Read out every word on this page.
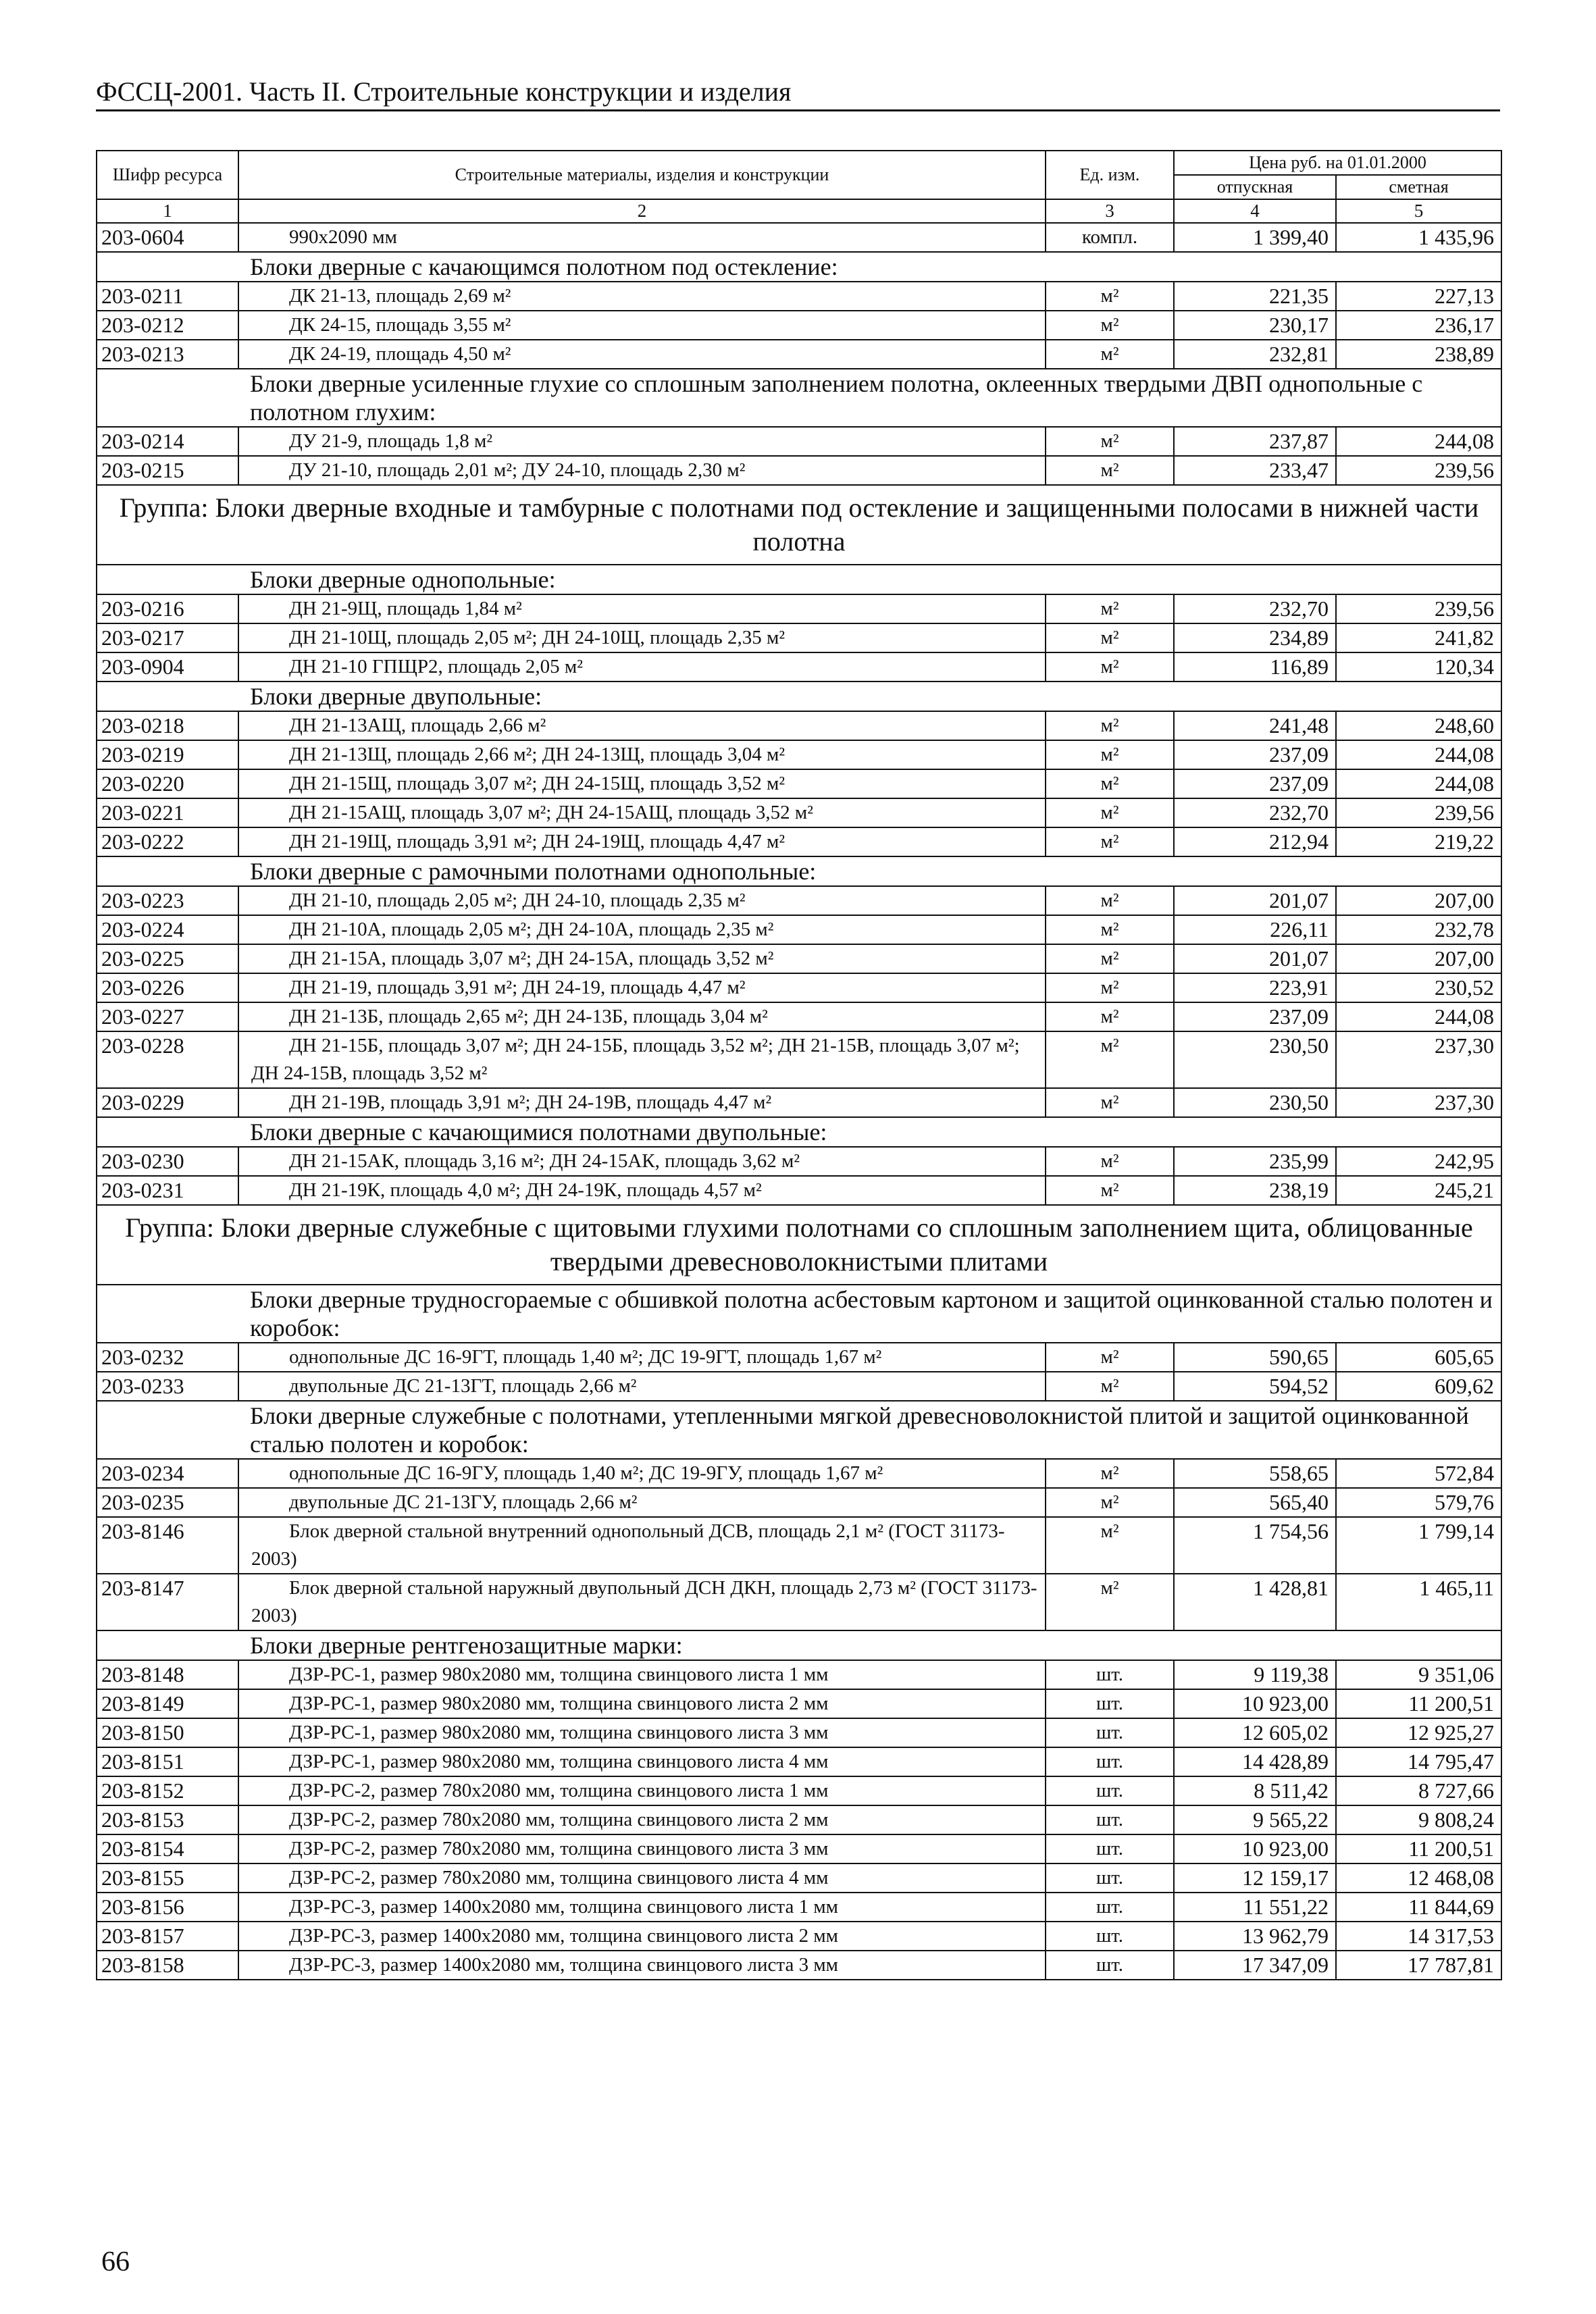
ФССЦ-2001. Часть II. Строительные конструкции и изделия
Шифр ресурса	Строительные материалы, изделия и конструкции	Ед. изм.	Цена руб. на 01.01.2000	
			отпускная	сметная
1	2	3	4	5
203-0604	990х2090 мм	компл.	1 399,40	1 435,96
Блоки дверные с качающимся полотном под остекление:				
203-0211	ДК 21-13, площадь 2,69 м²	м²	221,35	227,13
203-0212	ДК 24-15, площадь 3,55 м²	м²	230,17	236,17
203-0213	ДК 24-19, площадь 4,50 м²	м²	232,81	238,89
Блоки дверные усиленные глухие со сплошным заполнением полотна, оклеенных твердыми ДВП однопольные с полотном глухим:				
203-0214	ДУ 21-9, площадь 1,8 м²	м²	237,87	244,08
203-0215	ДУ 21-10, площадь 2,01 м²; ДУ 24-10, площадь 2,30 м²	м²	233,47	239,56
Группа: Блоки дверные входные и тамбурные с полотнами под остекление и защищенными полосами в нижней части полотна				
Блоки дверные однопольные:				
203-0216	ДН 21-9Щ, площадь 1,84 м²	м²	232,70	239,56
203-0217	ДН 21-10Щ, площадь 2,05 м²; ДН 24-10Щ, площадь 2,35 м²	м²	234,89	241,82
203-0904	ДН 21-10 ГПЩР2, площадь 2,05 м²	м²	116,89	120,34
Блоки дверные двупольные:				
203-0218	ДН 21-13АЩ, площадь 2,66 м²	м²	241,48	248,60
203-0219	ДН 21-13Щ, площадь 2,66 м²; ДН 24-13Щ, площадь 3,04 м²	м²	237,09	244,08
203-0220	ДН 21-15Щ, площадь 3,07 м²; ДН 24-15Щ, площадь 3,52 м²	м²	237,09	244,08
203-0221	ДН 21-15АЩ, площадь 3,07 м²; ДН 24-15АЩ, площадь 3,52 м²	м²	232,70	239,56
203-0222	ДН 21-19Щ, площадь 3,91 м²; ДН 24-19Щ, площадь 4,47 м²	м²	212,94	219,22
Блоки дверные с рамочными полотнами однопольные:				
203-0223	ДН 21-10, площадь 2,05 м²; ДН 24-10, площадь 2,35 м²	м²	201,07	207,00
203-0224	ДН 21-10А, площадь 2,05 м²; ДН 24-10А, площадь 2,35 м²	м²	226,11	232,78
203-0225	ДН 21-15А, площадь 3,07 м²; ДН 24-15А, площадь 3,52 м²	м²	201,07	207,00
203-0226	ДН 21-19, площадь 3,91 м²; ДН 24-19, площадь 4,47 м²	м²	223,91	230,52
203-0227	ДН 21-13Б, площадь 2,65 м²; ДН 24-13Б, площадь 3,04 м²	м²	237,09	244,08
203-0228	ДН 21-15Б, площадь 3,07 м²; ДН 24-15Б, площадь 3,52 м²; ДН 21-15В, площадь 3,07 м²; ДН 24-15В, площадь 3,52 м²	м²	230,50	237,30
203-0229	ДН 21-19В, площадь 3,91 м²; ДН 24-19В, площадь 4,47 м²	м²	230,50	237,30
Блоки дверные с качающимися полотнами двупольные:				
203-0230	ДН 21-15АК, площадь 3,16 м²; ДН 24-15АК, площадь 3,62 м²	м²	235,99	242,95
203-0231	ДН 21-19К, площадь 4,0 м²; ДН 24-19К, площадь 4,57 м²	м²	238,19	245,21
Группа: Блоки дверные служебные с щитовыми глухими полотнами со сплошным заполнением щита, облицованные твердыми древесноволокнистыми плитами				
Блоки дверные трудносгораемые с обшивкой полотна асбестовым картоном и защитой оцинкованной сталью полотен и коробок:				
203-0232	однопольные ДС 16-9ГТ, площадь 1,40 м²; ДС 19-9ГТ, площадь 1,67 м²	м²	590,65	605,65
203-0233	двупольные ДС 21-13ГТ, площадь 2,66 м²	м²	594,52	609,62
Блоки дверные служебные с полотнами, утепленными мягкой древесноволокнистой плитой и защитой оцинкованной сталью полотен и коробок:				
203-0234	однопольные ДС 16-9ГУ, площадь 1,40 м²; ДС 19-9ГУ, площадь 1,67 м²	м²	558,65	572,84
203-0235	двупольные ДС 21-13ГУ, площадь 2,66 м²	м²	565,40	579,76
203-8146	Блок дверной стальной внутренний однопольный ДСВ, площадь 2,1 м² (ГОСТ 31173-2003)	м²	1 754,56	1 799,14
203-8147	Блок дверной стальной наружный двупольный ДСН ДКН, площадь 2,73 м² (ГОСТ 31173-2003)	м²	1 428,81	1 465,11
Блоки дверные рентгенозащитные марки:				
203-8148	ДЗР-РС-1, размер 980х2080 мм, толщина свинцового листа 1 мм	шт.	9 119,38	9 351,06
203-8149	ДЗР-РС-1, размер 980х2080 мм, толщина свинцового листа 2 мм	шт.	10 923,00	11 200,51
203-8150	ДЗР-РС-1, размер 980х2080 мм, толщина свинцового листа 3 мм	шт.	12 605,02	12 925,27
203-8151	ДЗР-РС-1, размер 980х2080 мм, толщина свинцового листа 4 мм	шт.	14 428,89	14 795,47
203-8152	ДЗР-РС-2, размер 780х2080 мм, толщина свинцового листа 1 мм	шт.	8 511,42	8 727,66
203-8153	ДЗР-РС-2, размер 780х2080 мм, толщина свинцового листа 2 мм	шт.	9 565,22	9 808,24
203-8154	ДЗР-РС-2, размер 780х2080 мм, толщина свинцового листа 3 мм	шт.	10 923,00	11 200,51
203-8155	ДЗР-РС-2, размер 780х2080 мм, толщина свинцового листа 4 мм	шт.	12 159,17	12 468,08
203-8156	ДЗР-РС-3, размер 1400х2080 мм, толщина свинцового листа 1 мм	шт.	11 551,22	11 844,69
203-8157	ДЗР-РС-3, размер 1400х2080 мм, толщина свинцового листа 2 мм	шт.	13 962,79	14 317,53
203-8158	ДЗР-РС-3, размер 1400х2080 мм, толщина свинцового листа 3 мм	шт.	17 347,09	17 787,81
66
